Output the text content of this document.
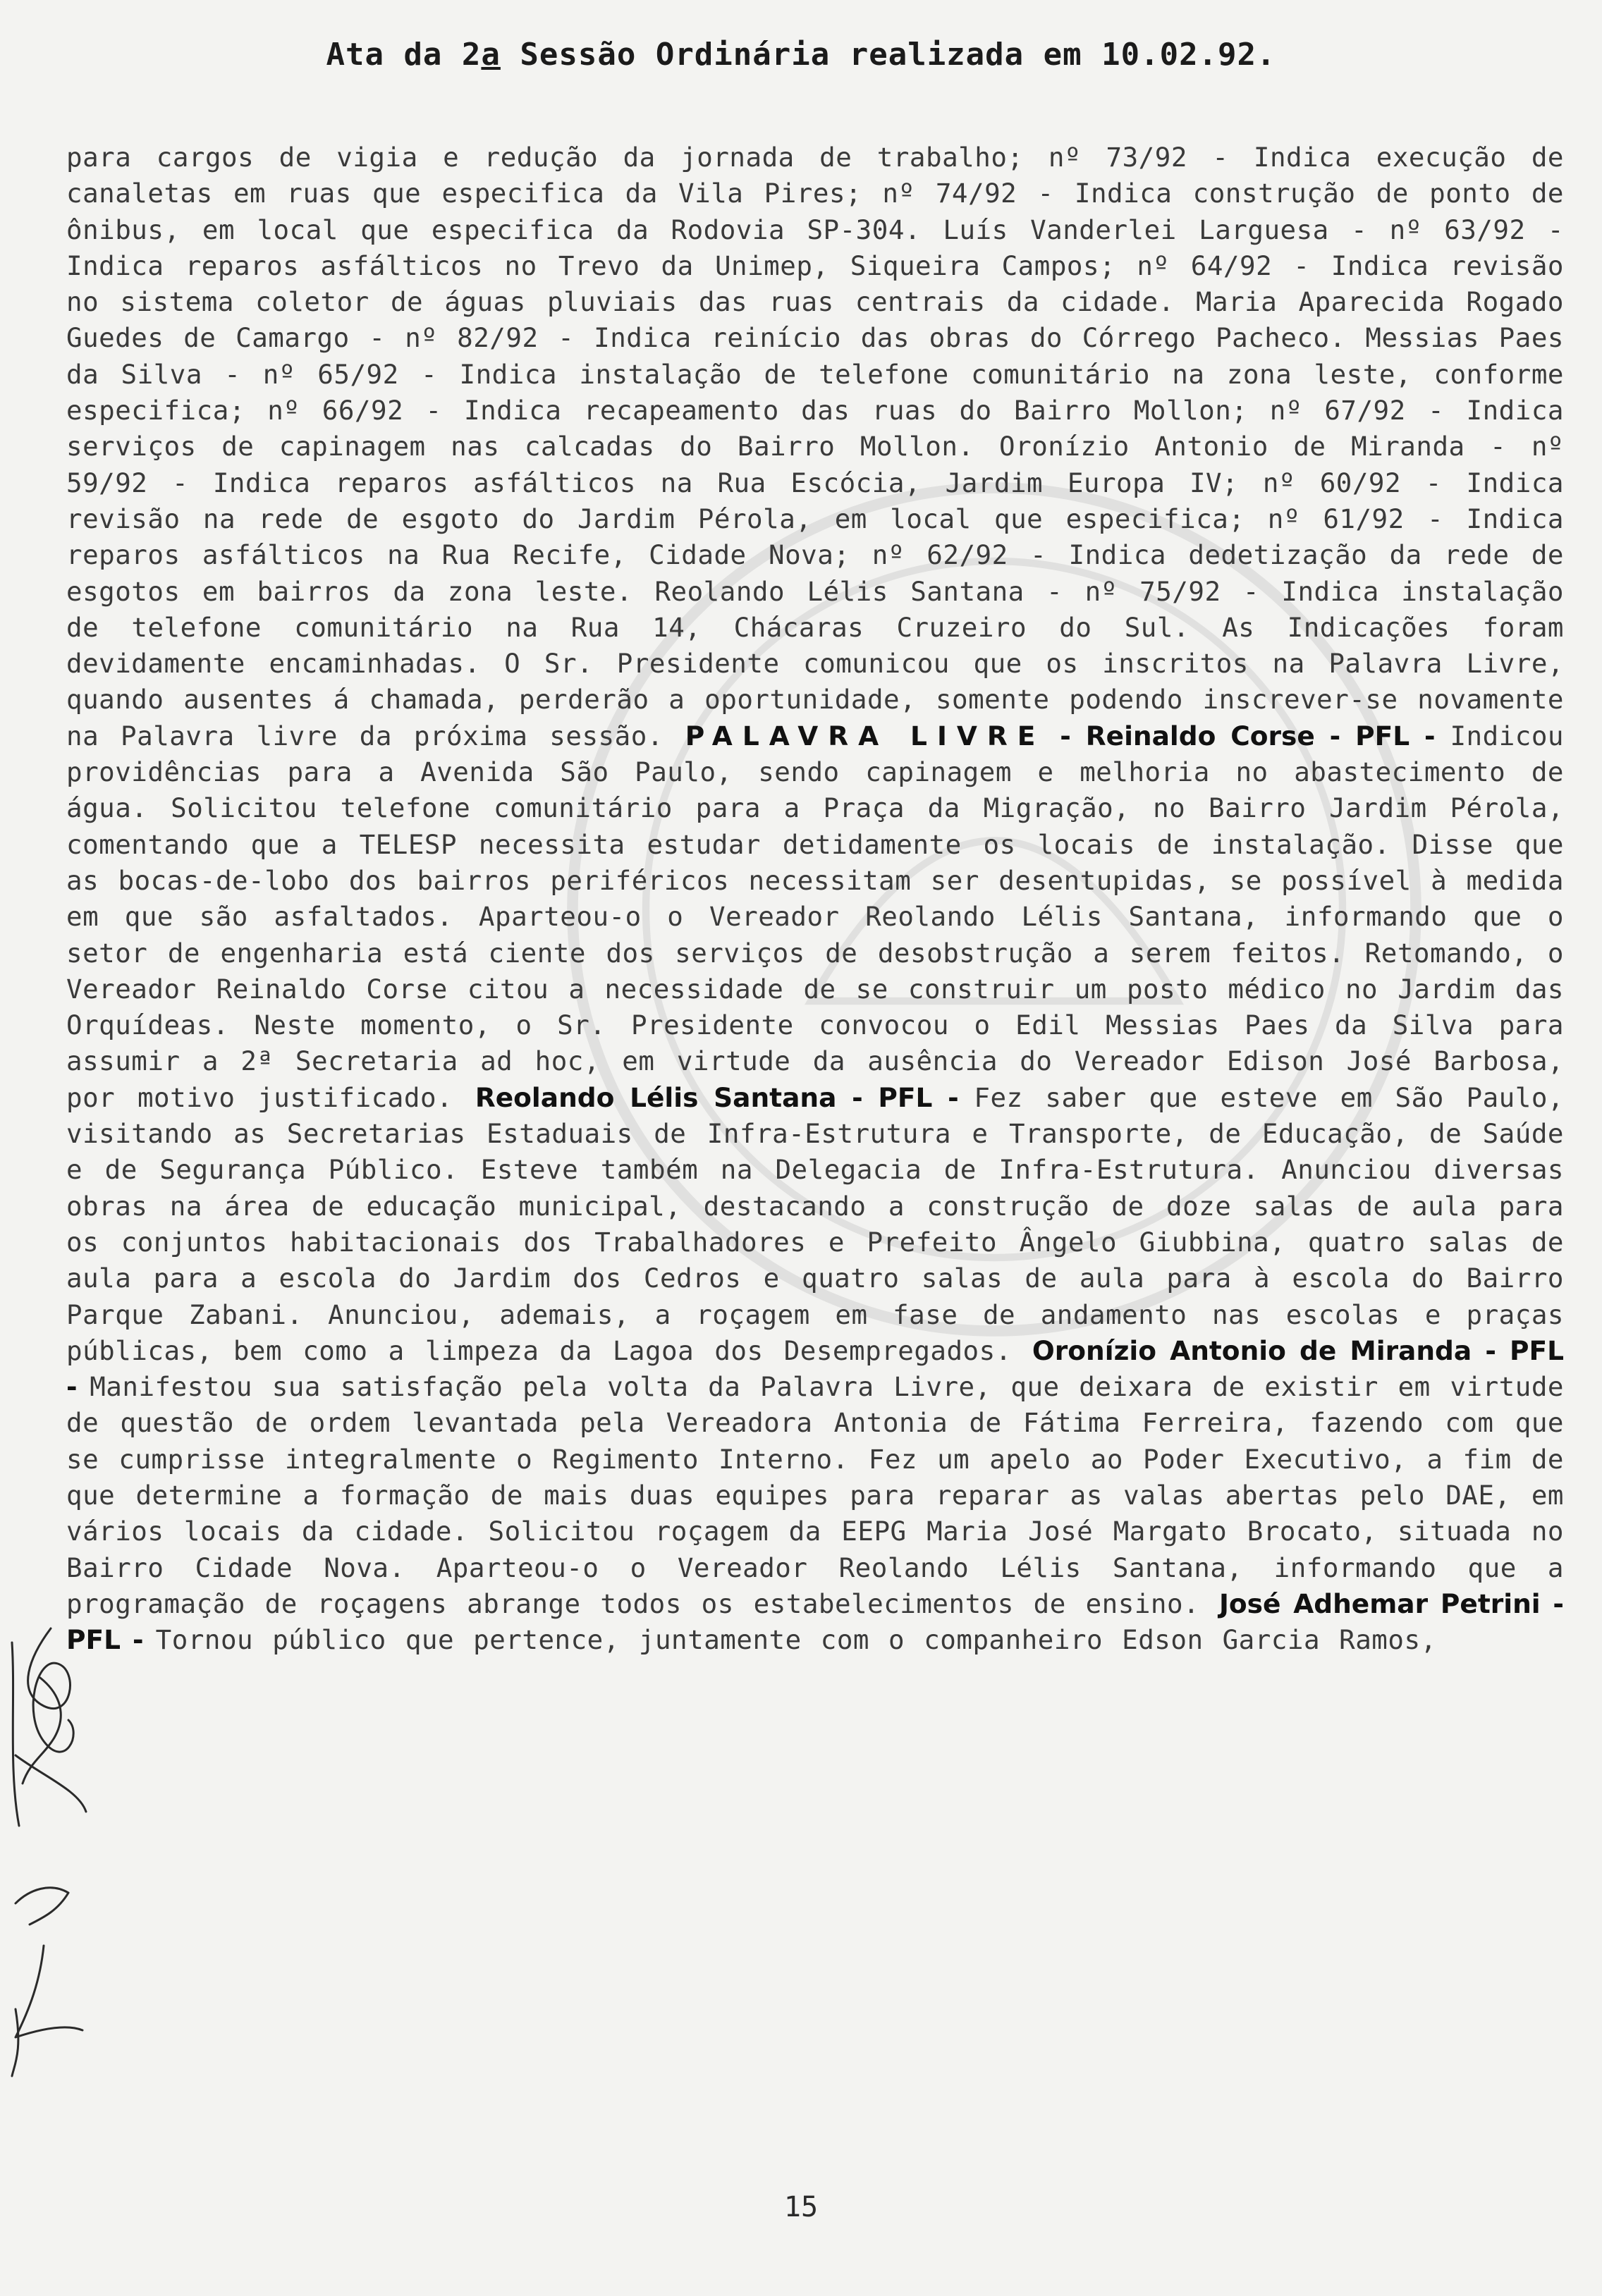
Ata da 2a Sessão Ordinária realizada em 10.02.92.
para cargos de vigia e redução da jornada de trabalho; nº 73/92 - Indica execução de canaletas em ruas que especifica da Vila Pires; nº 74/92 - Indica construção de ponto de ônibus, em local que especifica da Rodovia SP-304. Luís Vanderlei Larguesa - nº 63/92 - Indica reparos asfálticos no Trevo da Unimep, Siqueira Campos; nº 64/92 - Indica revisão no sistema coletor de águas pluviais das ruas centrais da cidade. Maria Aparecida Rogado Guedes de Camargo - nº 82/92 - Indica reinício das obras do Córrego Pacheco. Messias Paes da Silva - nº 65/92 - Indica instalação de telefone comunitário na zona leste, conforme especifica; nº 66/92 - Indica recapeamento das ruas do Bairro Mollon; nº 67/92 - Indica serviços de capinagem nas calcadas do Bairro Mollon. Oronízio Antonio de Miranda - nº 59/92 - Indica reparos asfálticos na Rua Escócia, Jardim Europa IV; nº 60/92 - Indica revisão na rede de esgoto do Jardim Pérola, em local que especifica; nº 61/92 - Indica reparos asfálticos na Rua Recife, Cidade Nova; nº 62/92 - Indica dedetização da rede de esgotos em bairros da zona leste. Reolando Lélis Santana - nº 75/92 - Indica instalação de telefone comunitário na Rua 14, Chácaras Cruzeiro do Sul. As Indicações foram devidamente encaminhadas. O Sr. Presidente comunicou que os inscritos na Palavra Livre, quando ausentes á chamada, perderão a oportunidade, somente podendo inscrever-se novamente na Palavra livre da próxima sessão. PALAVRA LIVRE - Reinaldo Corse - PFL - Indicou providências para a Avenida São Paulo, sendo capinagem e melhoria no abastecimento de água. Solicitou telefone comunitário para a Praça da Migração, no Bairro Jardim Pérola, comentando que a TELESP necessita estudar detidamente os locais de instalação. Disse que as bocas-de-lobo dos bairros periféricos necessitam ser desentupidas, se possível à medida em que são asfaltados. Aparteou-o o Vereador Reolando Lélis Santana, informando que o setor de engenharia está ciente dos serviços de desobstrução a serem feitos. Retomando, o Vereador Reinaldo Corse citou a necessidade de se construir um posto médico no Jardim das Orquídeas. Neste momento, o Sr. Presidente convocou o Edil Messias Paes da Silva para assumir a 2ª Secretaria ad hoc, em virtude da ausência do Vereador Edison José Barbosa, por motivo justificado. Reolando Lélis Santana - PFL - Fez saber que esteve em São Paulo, visitando as Secretarias Estaduais de Infra-Estrutura e Transporte, de Educação, de Saúde e de Segurança Público. Esteve também na Delegacia de Infra-Estrutura. Anunciou diversas obras na área de educação municipal, destacando a construção de doze salas de aula para os conjuntos habitacionais dos Trabalhadores e Prefeito Ângelo Giubbina, quatro salas de aula para a escola do Jardim dos Cedros e quatro salas de aula para à escola do Bairro Parque Zabani. Anunciou, ademais, a roçagem em fase de andamento nas escolas e praças públicas, bem como a limpeza da Lagoa dos Desempregados. Oronízio Antonio de Miranda - PFL - Manifestou sua satisfação pela volta da Palavra Livre, que deixara de existir em virtude de questão de ordem levantada pela Vereadora Antonia de Fátima Ferreira, fazendo com que se cumprisse integralmente o Regimento Interno. Fez um apelo ao Poder Executivo, a fim de que determine a formação de mais duas equipes para reparar as valas abertas pelo DAE, em vários locais da cidade. Solicitou roçagem da EEPG Maria José Margato Brocato, situada no Bairro Cidade Nova. Aparteou-o o Vereador Reolando Lélis Santana, informando que a programação de roçagens abrange todos os estabelecimentos de ensino. José Adhemar Petrini - PFL - Tornou público que pertence, juntamente com o companheiro Edson Garcia Ramos,
15
